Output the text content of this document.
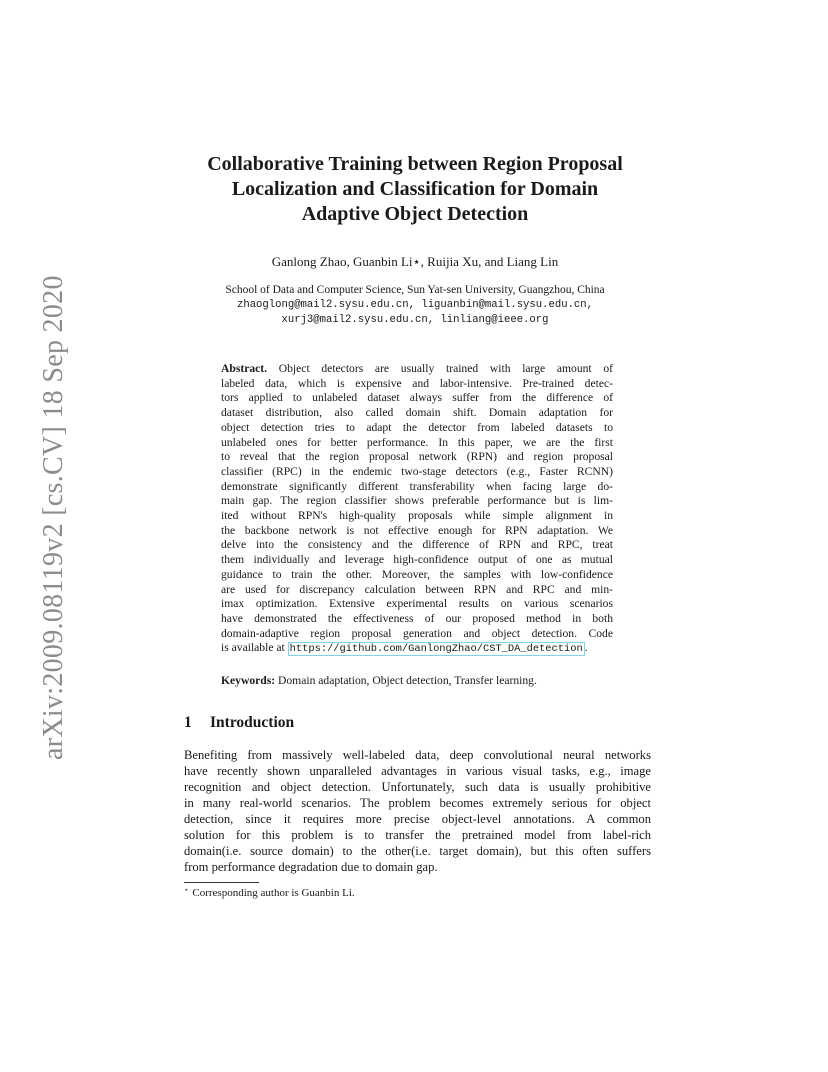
arXiv:2009.08119v2 [cs.CV] 18 Sep 2020
Collaborative Training between Region Proposal
Localization and Classification for Domain
Adaptive Object Detection
Ganlong Zhao, Guanbin Li⋆, Ruijia Xu, and Liang Lin
School of Data and Computer Science, Sun Yat-sen University, Guangzhou, China
zhaoglong@mail2.sysu.edu.cn, liguanbin@mail.sysu.edu.cn,
xurj3@mail2.sysu.edu.cn, linliang@ieee.org
Abstract. Object detectors are usually trained with large amount of
labeled data, which is expensive and labor-intensive. Pre-trained detec-
tors applied to unlabeled dataset always suffer from the difference of
dataset distribution, also called domain shift. Domain adaptation for
object detection tries to adapt the detector from labeled datasets to
unlabeled ones for better performance. In this paper, we are the first
to reveal that the region proposal network (RPN) and region proposal
classifier (RPC) in the endemic two-stage detectors (e.g., Faster RCNN)
demonstrate significantly different transferability when facing large do-
main gap. The region classifier shows preferable performance but is lim-
ited without RPN's high-quality proposals while simple alignment in
the backbone network is not effective enough for RPN adaptation. We
delve into the consistency and the difference of RPN and RPC, treat
them individually and leverage high-confidence output of one as mutual
guidance to train the other. Moreover, the samples with low-confidence
are used for discrepancy calculation between RPN and RPC and min-
imax optimization. Extensive experimental results on various scenarios
have demonstrated the effectiveness of our proposed method in both
domain-adaptive region proposal generation and object detection. Code
is available at https://github.com/GanlongZhao/CST_DA_detection .
Keywords: Domain adaptation, Object detection, Transfer learning.
1 Introduction
Benefiting from massively well-labeled data, deep convolutional neural networks
have recently shown unparalleled advantages in various visual tasks, e.g., image
recognition and object detection. Unfortunately, such data is usually prohibitive
in many real-world scenarios. The problem becomes extremely serious for object
detection, since it requires more precise object-level annotations. A common
solution for this problem is to transfer the pretrained model from label-rich
domain(i.e. source domain) to the other(i.e. target domain), but this often suffers
from performance degradation due to domain gap.
⋆ Corresponding author is Guanbin Li.
